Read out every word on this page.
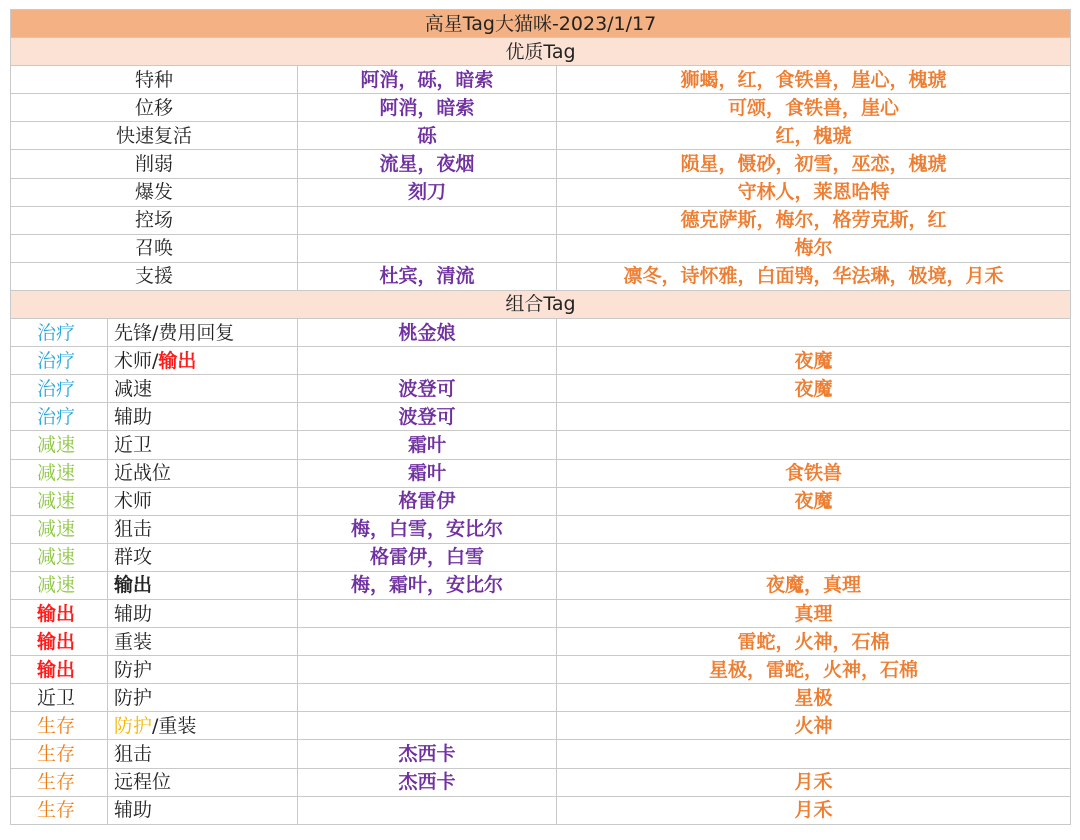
高星Tag大猫咪-2023/1/17			
优质Tag			
特种		阿消，砾，暗索	狮蝎，红，食铁兽，崖心，槐琥
位移		阿消，暗索	可颂，食铁兽，崖心
快速复活		砾	红，槐琥
削弱		流星，夜烟	陨星，慑砂，初雪，巫恋，槐琥
爆发		刻刀	守林人，莱恩哈特
控场			德克萨斯，梅尔，格劳克斯，红
召唤			梅尔
支援		杜宾，清流	凛冬，诗怀雅，白面鸮，华法琳，极境，月禾
组合Tag			
治疗	先锋/费用回复	桃金娘	
治疗	术师/输出		夜魔
治疗	减速	波登可	夜魔
治疗	辅助	波登可	
减速	近卫	霜叶	
减速	近战位	霜叶	食铁兽
减速	术师	格雷伊	夜魔
减速	狙击	梅，白雪，安比尔	
减速	群攻	格雷伊，白雪	
减速	输出	梅，霜叶，安比尔	夜魔，真理
输出	辅助		真理
输出	重装		雷蛇，火神，石棉
输出	防护		星极，雷蛇，火神，石棉
近卫	防护		星极
生存	防护/重装		火神
生存	狙击	杰西卡	
生存	远程位	杰西卡	月禾
生存	辅助		月禾
